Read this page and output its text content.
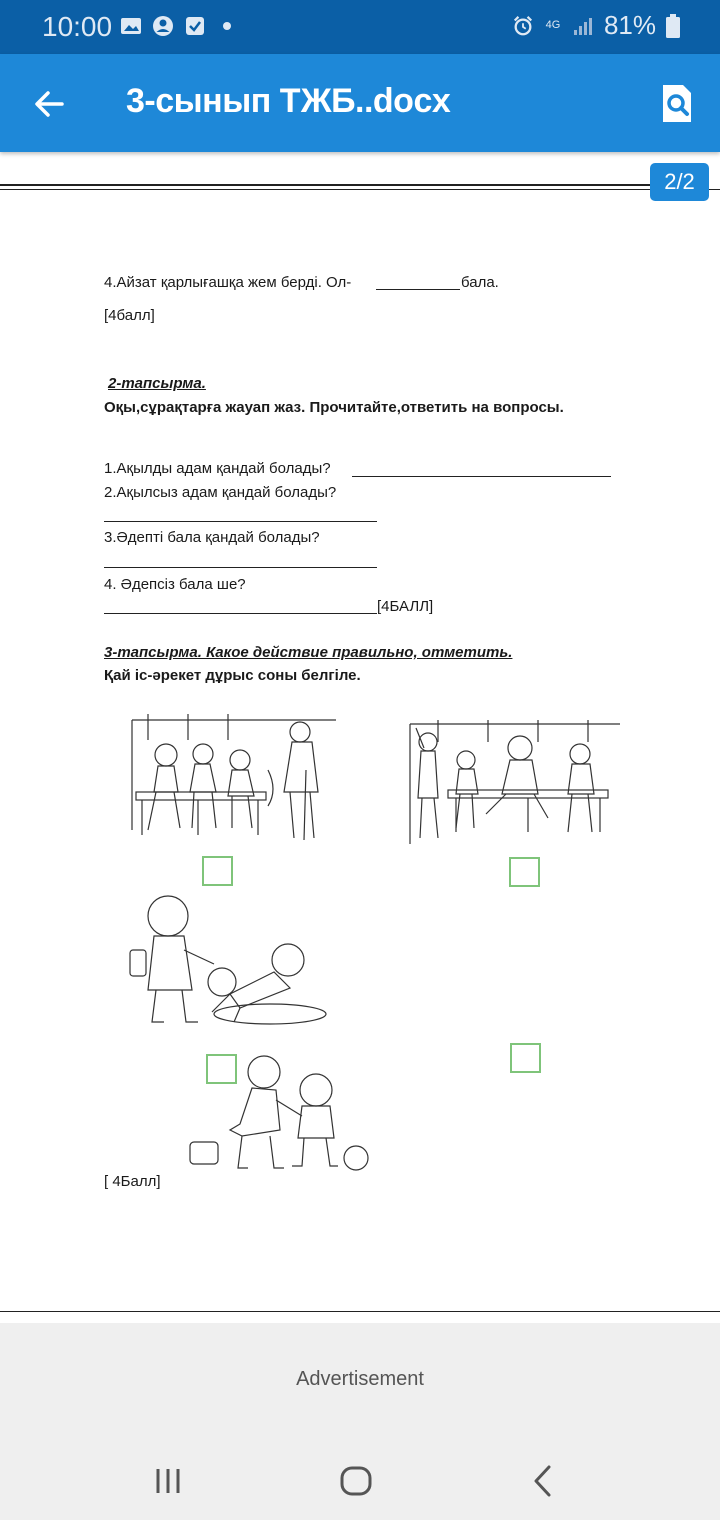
10:00	4G 81%
3-сынып ТЖБ..docx
2/2
4.Айзат қарлығашқа жем берді. Ол-	бала.
[4балл]
2-тапсырма.
Оқы,сұрақтарға жауап жаз. Прочитайте,ответить на вопросы.
1.Ақылды адам қандай болады?
2.Ақылсыз адам қандай болады?
3.Әдепті бала қандай болады?
4. Әдепсіз бала ше?
[4БАЛЛ]
3-тапсырма. Какое действие правильно, отметить.
Қай іс-әрекет дұрыс соны белгіле.
[ 4Балл]
Advertisement
